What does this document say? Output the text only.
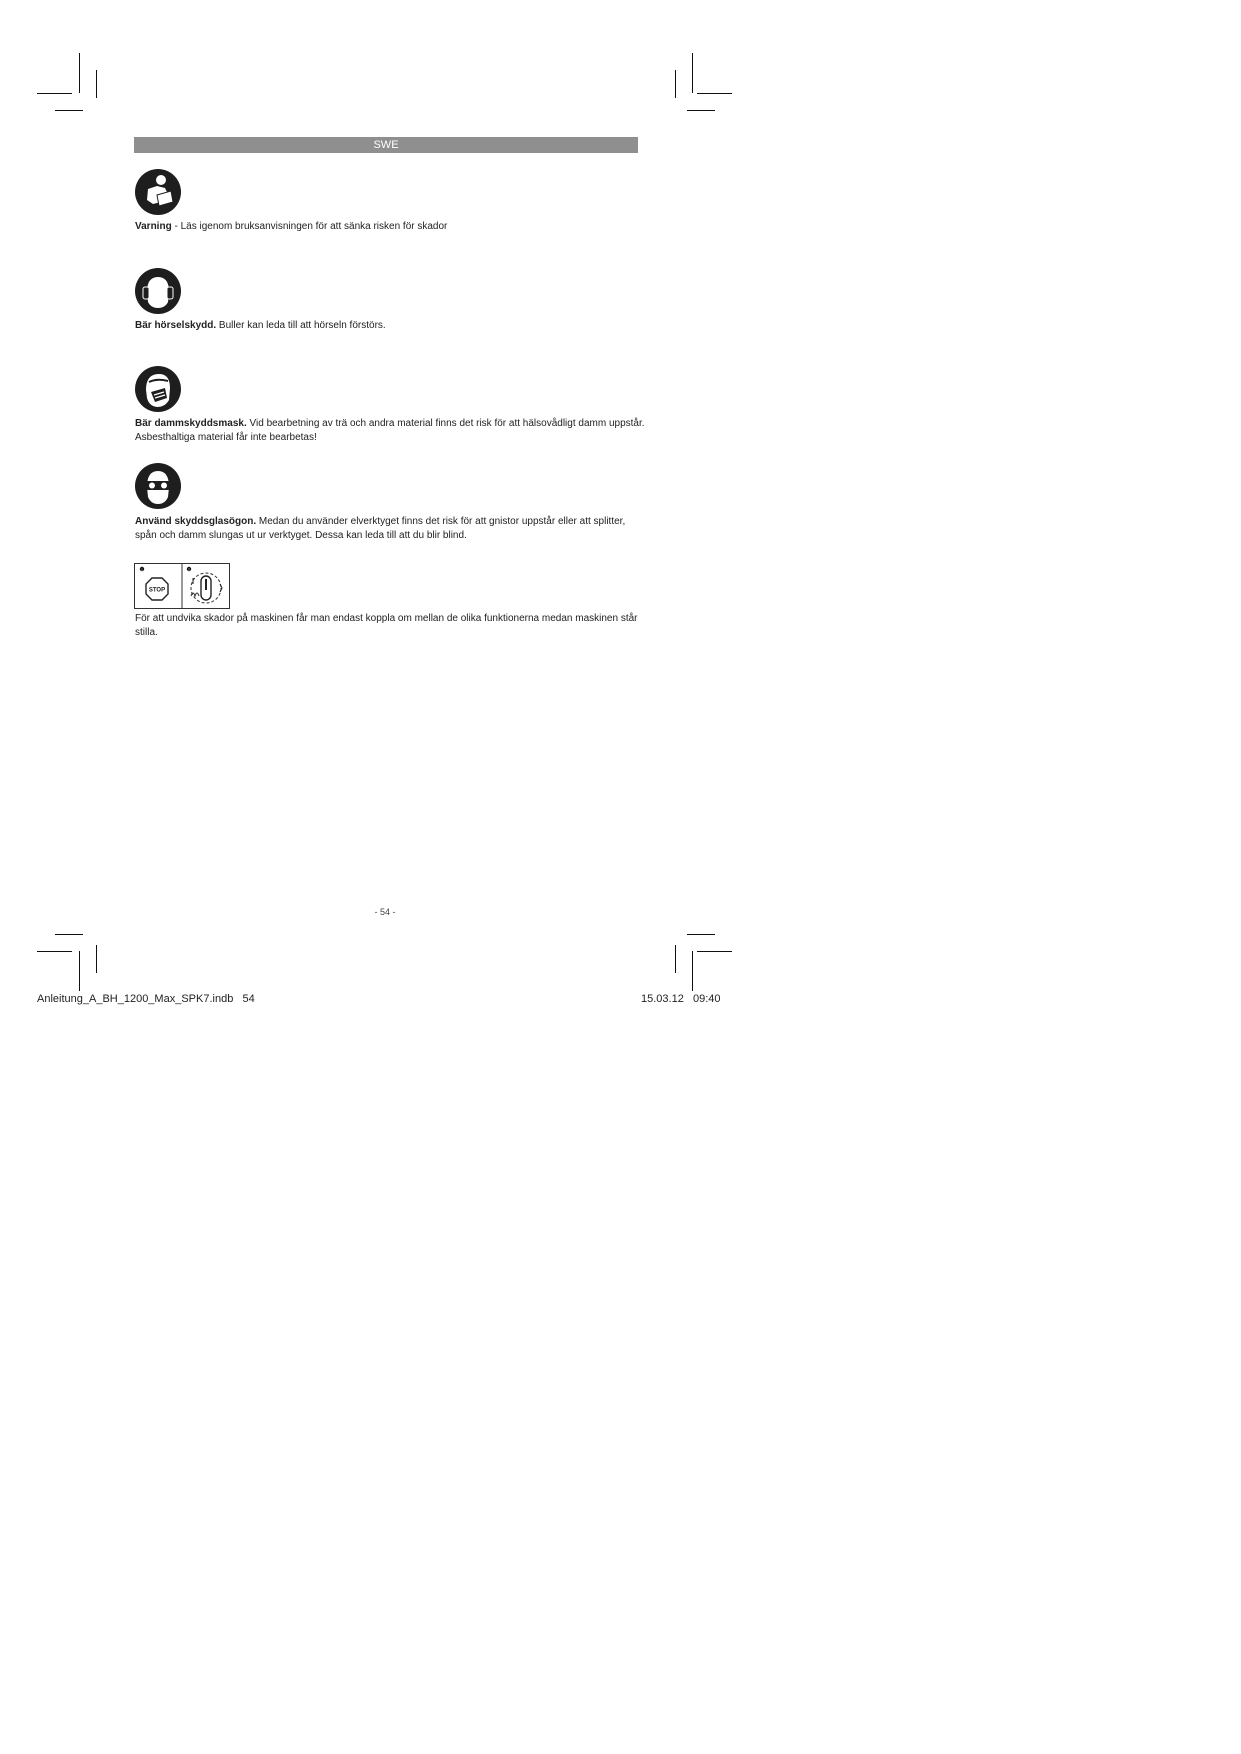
SWE
Varning - Läs igenom bruksanvisningen för att sänka risken för skador
Bär hörselskydd. Buller kan leda till att hörseln förstörs.
Bär dammskyddsmask. Vid bearbetning av trä och andra material finns det risk för att hälsovådligt damm uppstår. Asbesthaltiga material får inte bearbetas!
Använd skyddsglasögon. Medan du använder elverktyget finns det risk för att gnistor uppstår eller att splitter, spån och damm slungas ut ur verktyget. Dessa kan leda till att du blir blind.
1
STOP
2
För att undvika skador på maskinen får man endast koppla om mellan de olika funktionerna medan maskinen står stilla.
- 54 -
Anleitung_A_BH_1200_Max_SPK7.indb   54	15.03.12   09:40
